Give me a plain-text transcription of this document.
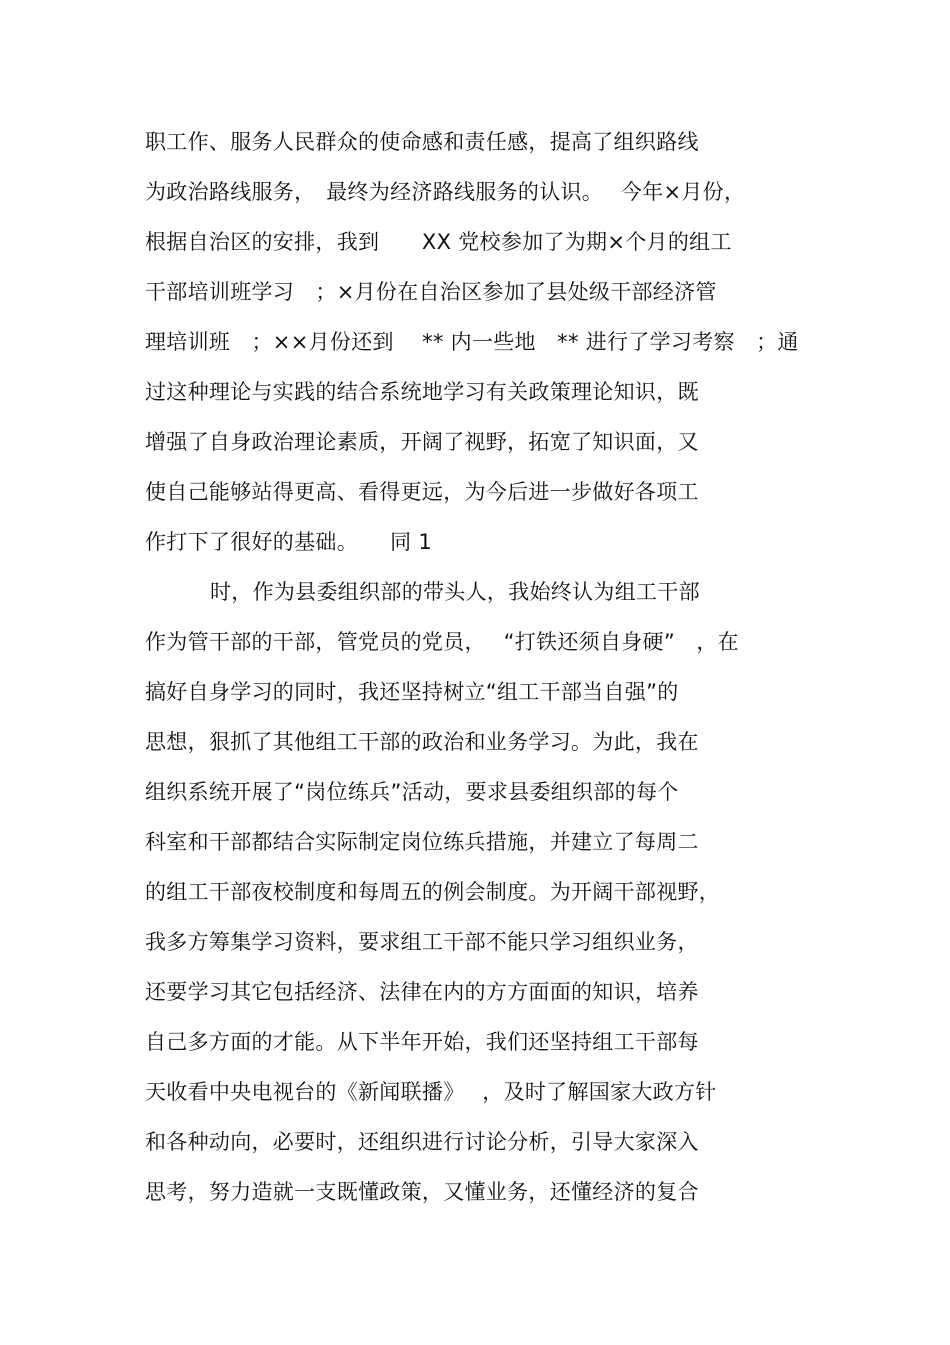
职工作、服务人民群众的使命感和责任感，提高了组织路线
为政治路线服务，　最终为经济路线服务的认识。　 今年×月份，
根据自治区的安排，我到　　XX 党校参加了为期×个月的组工
干部培训班学习　；×月份在自治区参加了县处级干部经济管
理培训班　；××月份还到　 ** 内一些地　** 进行了学习考察　；通
过这种理论与实践的结合系统地学习有关政策理论知识，既
增强了自身政治理论素质，开阔了视野，拓宽了知识面，又
使自己能够站得更高、看得更远，为今后进一步做好各项工
作打下了很好的基础。　　同 1
时，作为县委组织部的带头人，我始终认为组工干部
作为管干部的干部，管党员的党员，　 “打铁还须自身硬”　，在
搞好自身学习的同时，我还坚持树立“组工干部当自强”的
思想，狠抓了其他组工干部的政治和业务学习。为此，我在
组织系统开展了“岗位练兵”活动，要求县委组织部的每个
科室和干部都结合实际制定岗位练兵措施，并建立了每周二
的组工干部夜校制度和每周五的例会制度。为开阔干部视野，
我多方筹集学习资料，要求组工干部不能只学习组织业务，
还要学习其它包括经济、法律在内的方方面面的知识，培养
自己多方面的才能。从下半年开始，我们还坚持组工干部每
天收看中央电视台的《新闻联播》　 ，及时了解国家大政方针
和各种动向，必要时，还组织进行讨论分析，引导大家深入
思考，努力造就一支既懂政策，又懂业务，还懂经济的复合
